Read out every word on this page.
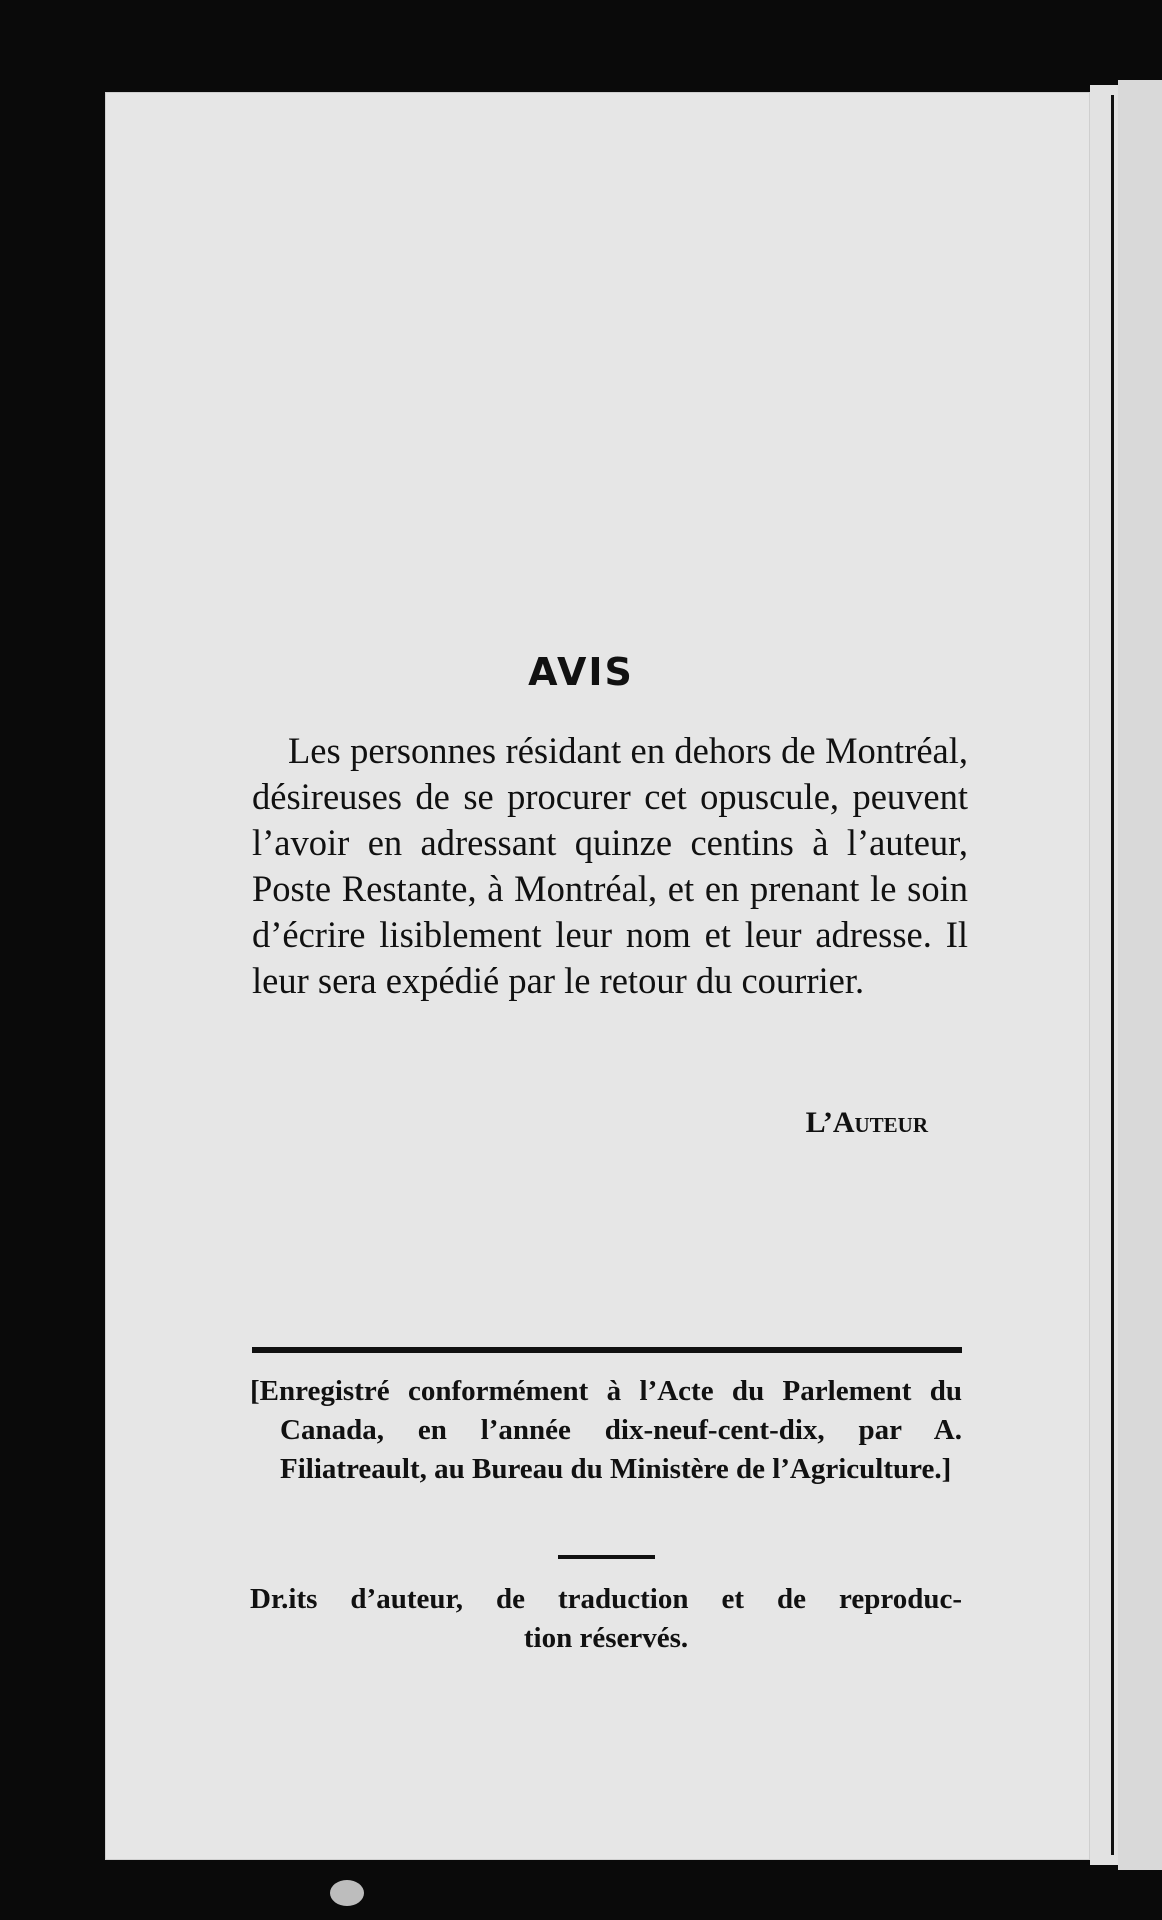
AVIS

Les personnes résidant en dehors de Montréal, désireuses de se procurer cet opuscule, peuvent l’avoir en adressant quinze centins à l’auteur, Poste Restante, à Montréal, et en prenant le soin d’écrire lisiblement leur nom et leur adresse. Il leur sera expédié par le retour du courrier.

L’Auteur

[Enregistré conformément à l’Acte du Parlement du Canada, en l’année dix-neuf-cent-dix, par A. Filiatreault, au Bureau du Ministère de l’Agriculture.]

Dr.its d’auteur, de traduction et de reproduc-
tion réservés.
